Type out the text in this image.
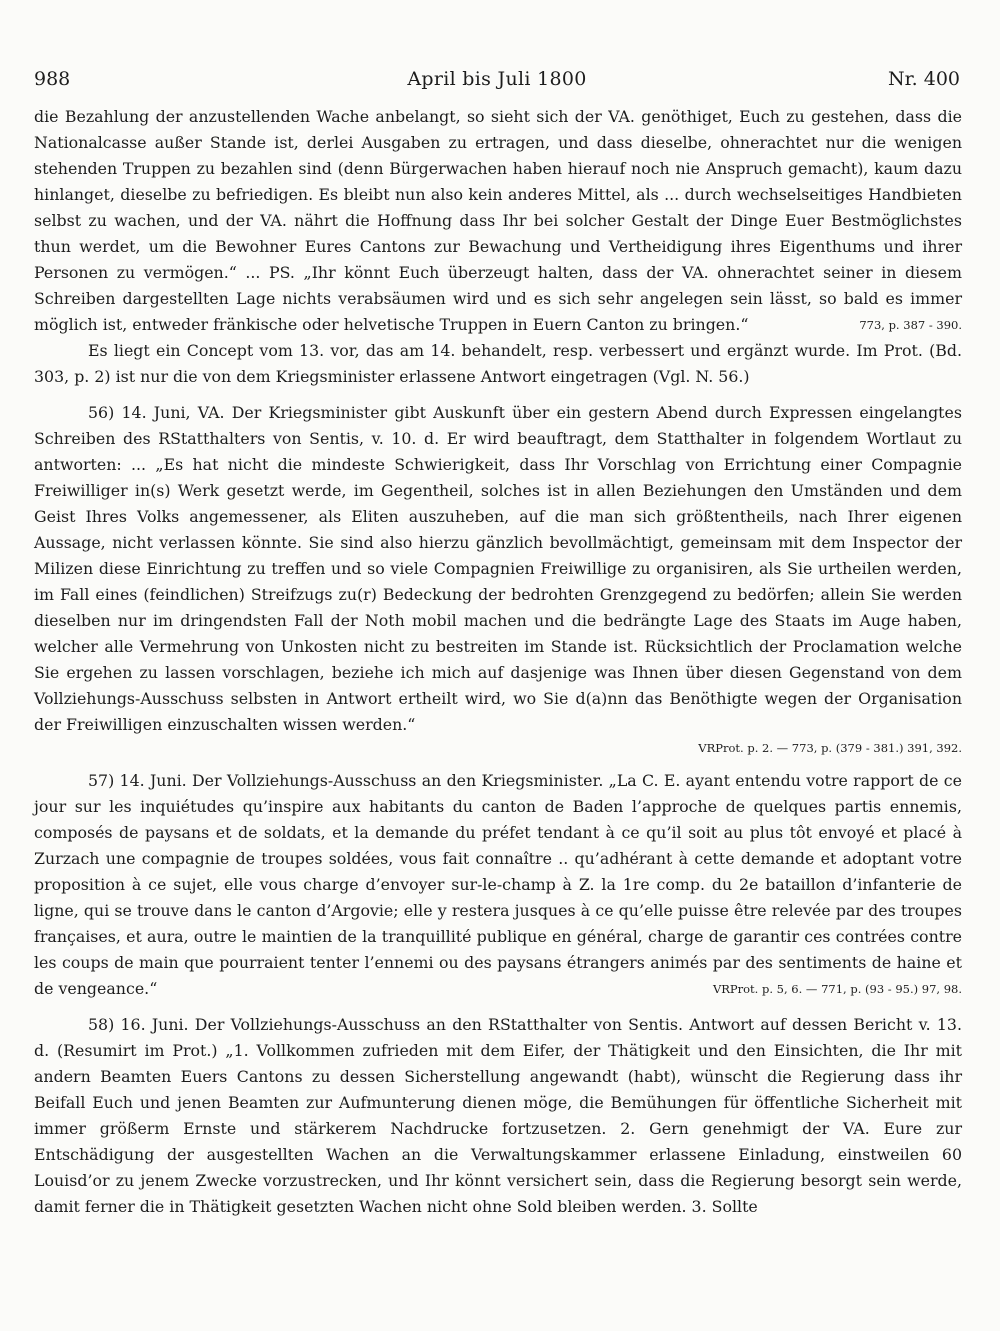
988	April bis Juli 1800	Nr. 400

die Bezahlung der anzustellenden Wache anbelangt, so sieht sich der VA. genöthiget, Euch zu gestehen, dass die Nationalcasse außer Stande ist, derlei Ausgaben zu ertragen, und dass dieselbe, ohnerachtet nur die wenigen stehenden Truppen zu bezahlen sind (denn Bürgerwachen haben hierauf noch nie Anspruch gemacht), kaum dazu hinlanget, dieselbe zu befriedigen. Es bleibt nun also kein anderes Mittel, als ... durch wechselseitiges Handbieten selbst zu wachen, und der VA. nährt die Hoffnung dass Ihr bei solcher Gestalt der Dinge Euer Bestmöglichstes thun werdet, um die Bewohner Eures Cantons zur Bewachung und Vertheidigung ihres Eigenthums und ihrer Personen zu vermögen.“ ... PS. „Ihr könnt Euch überzeugt halten, dass der VA. ohnerachtet seiner in diesem Schreiben dargestellten Lage nichts verabsäumen wird und es sich sehr angelegen sein lässt, so bald es immer möglich ist, entweder fränkische oder helvetische Truppen in Euern Canton zu bringen.“	773, p. 387 - 390.

Es liegt ein Concept vom 13. vor, das am 14. behandelt, resp. verbessert und ergänzt wurde. Im Prot. (Bd. 303, p. 2) ist nur die von dem Kriegsminister erlassene Antwort eingetragen (Vgl. N. 56.)

56) 14. Juni, VA. Der Kriegsminister gibt Auskunft über ein gestern Abend durch Expressen eingelangtes Schreiben des RStatthalters von Sentis, v. 10. d. Er wird beauftragt, dem Statthalter in folgendem Wortlaut zu antworten: ... „Es hat nicht die mindeste Schwierigkeit, dass Ihr Vorschlag von Errichtung einer Compagnie Freiwilliger in(s) Werk gesetzt werde, im Gegentheil, solches ist in allen Beziehungen den Umständen und dem Geist Ihres Volks angemessener, als Eliten auszuheben, auf die man sich größtentheils, nach Ihrer eigenen Aussage, nicht verlassen könnte. Sie sind also hierzu gänzlich bevollmächtigt, gemeinsam mit dem Inspector der Milizen diese Einrichtung zu treffen und so viele Compagnien Freiwillige zu organisiren, als Sie urtheilen werden, im Fall eines (feindlichen) Streifzugs zu(r) Bedeckung der bedrohten Grenzgegend zu bedörfen; allein Sie werden dieselben nur im dringendsten Fall der Noth mobil machen und die bedrängte Lage des Staats im Auge haben, welcher alle Vermehrung von Unkosten nicht zu bestreiten im Stande ist. Rücksichtlich der Proclamation welche Sie ergehen zu lassen vorschlagen, beziehe ich mich auf dasjenige was Ihnen über diesen Gegenstand von dem Vollziehungs-Ausschuss selbsten in Antwort ertheilt wird, wo Sie d(a)nn das Benöthigte wegen der Organisation der Freiwilligen einzuschalten wissen werden.“

VRProt. p. 2. — 773, p. (379 - 381.) 391, 392.

57) 14. Juni. Der Vollziehungs-Ausschuss an den Kriegsminister. „La C. E. ayant entendu votre rapport de ce jour sur les inquiétudes qu’inspire aux habitants du canton de Baden l’approche de quelques partis ennemis, composés de paysans et de soldats, et la demande du préfet tendant à ce qu’il soit au plus tôt envoyé et placé à Zurzach une compagnie de troupes soldées, vous fait connaître .. qu’adhérant à cette demande et adoptant votre proposition à ce sujet, elle vous charge d’envoyer sur-le-champ à Z. la 1re comp. du 2e bataillon d’infanterie de ligne, qui se trouve dans le canton d’Argovie; elle y restera jusques à ce qu’elle puisse être relevée par des troupes françaises, et aura, outre le maintien de la tranquillité publique en général, charge de garantir ces contrées contre les coups de main que pourraient tenter l’ennemi ou des paysans étrangers animés par des sentiments de haine et de vengeance.“	VRProt. p. 5, 6. — 771, p. (93 - 95.) 97, 98.

58) 16. Juni. Der Vollziehungs-Ausschuss an den RStatthalter von Sentis. Antwort auf dessen Bericht v. 13. d. (Resumirt im Prot.) „1. Vollkommen zufrieden mit dem Eifer, der Thätigkeit und den Einsichten, die Ihr mit andern Beamten Euers Cantons zu dessen Sicherstellung angewandt (habt), wünscht die Regierung dass ihr Beifall Euch und jenen Beamten zur Aufmunterung dienen möge, die Bemühungen für öffentliche Sicherheit mit immer größerm Ernste und stärkerem Nachdrucke fortzusetzen. 2. Gern genehmigt der VA. Eure zur Entschädigung der ausgestellten Wachen an die Verwaltungskammer erlassene Einladung, einstweilen 60 Louisd’or zu jenem Zwecke vorzustrecken, und Ihr könnt versichert sein, dass die Regierung besorgt sein werde, damit ferner die in Thätigkeit gesetzten Wachen nicht ohne Sold bleiben werden. 3. Sollte
